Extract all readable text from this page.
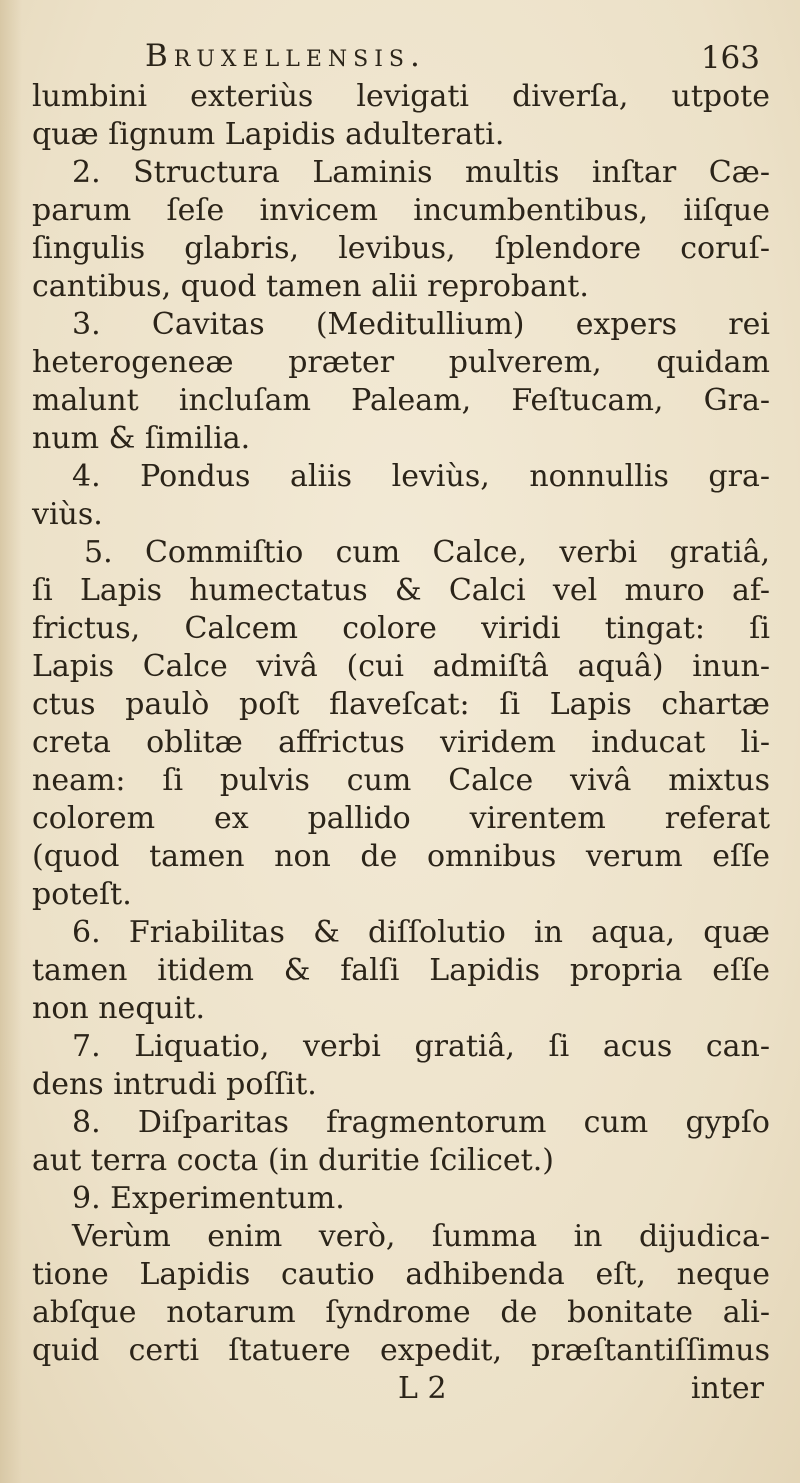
Bruxellensis.	163
lumbini exteriùs levigati diverſa, utpote
quæ ſignum Lapidis adulterati.
2. Structura Laminis multis inſtar Cæ-
parum ſeſe invicem incumbentibus, iiſque
ſingulis glabris, levibus, ſplendore coruſ-
cantibus, quod tamen alii reprobant.
3. Cavitas (Meditullium) expers rei
heterogeneæ præter pulverem, quidam
malunt incluſam Paleam, Feſtucam, Gra-
num & ſimilia.
4. Pondus aliis leviùs, nonnullis gra-
viùs.
5. Commiſtio cum Calce, verbi gratiâ,
ſi Lapis humectatus & Calci vel muro af-
frictus, Calcem colore viridi tingat: ſi
Lapis Calce vivâ (cui admiſtâ aquâ) inun-
ctus paulò poſt flaveſcat: ſi Lapis chartæ
creta oblitæ affrictus viridem inducat li-
neam: ſi pulvis cum Calce vivâ mixtus
colorem ex pallido virentem referat
(quod tamen non de omnibus verum eſſe
poteſt.
6. Friabilitas & diſſolutio in aqua, quæ
tamen itidem & falſi Lapidis propria eſſe
non nequit.
7. Liquatio, verbi gratiâ, ſi acus can-
dens intrudi poſſit.
8. Diſparitas fragmentorum cum gypſo
aut terra cocta (in duritie ſcilicet.)
9. Experimentum.
Verùm enim verò, ſumma in dijudica-
tione Lapidis cautio adhibenda eſt, neque
abſque notarum ſyndrome de bonitate ali-
quid certi ſtatuere expedit, præſtantiſſimus
L 2	inter
